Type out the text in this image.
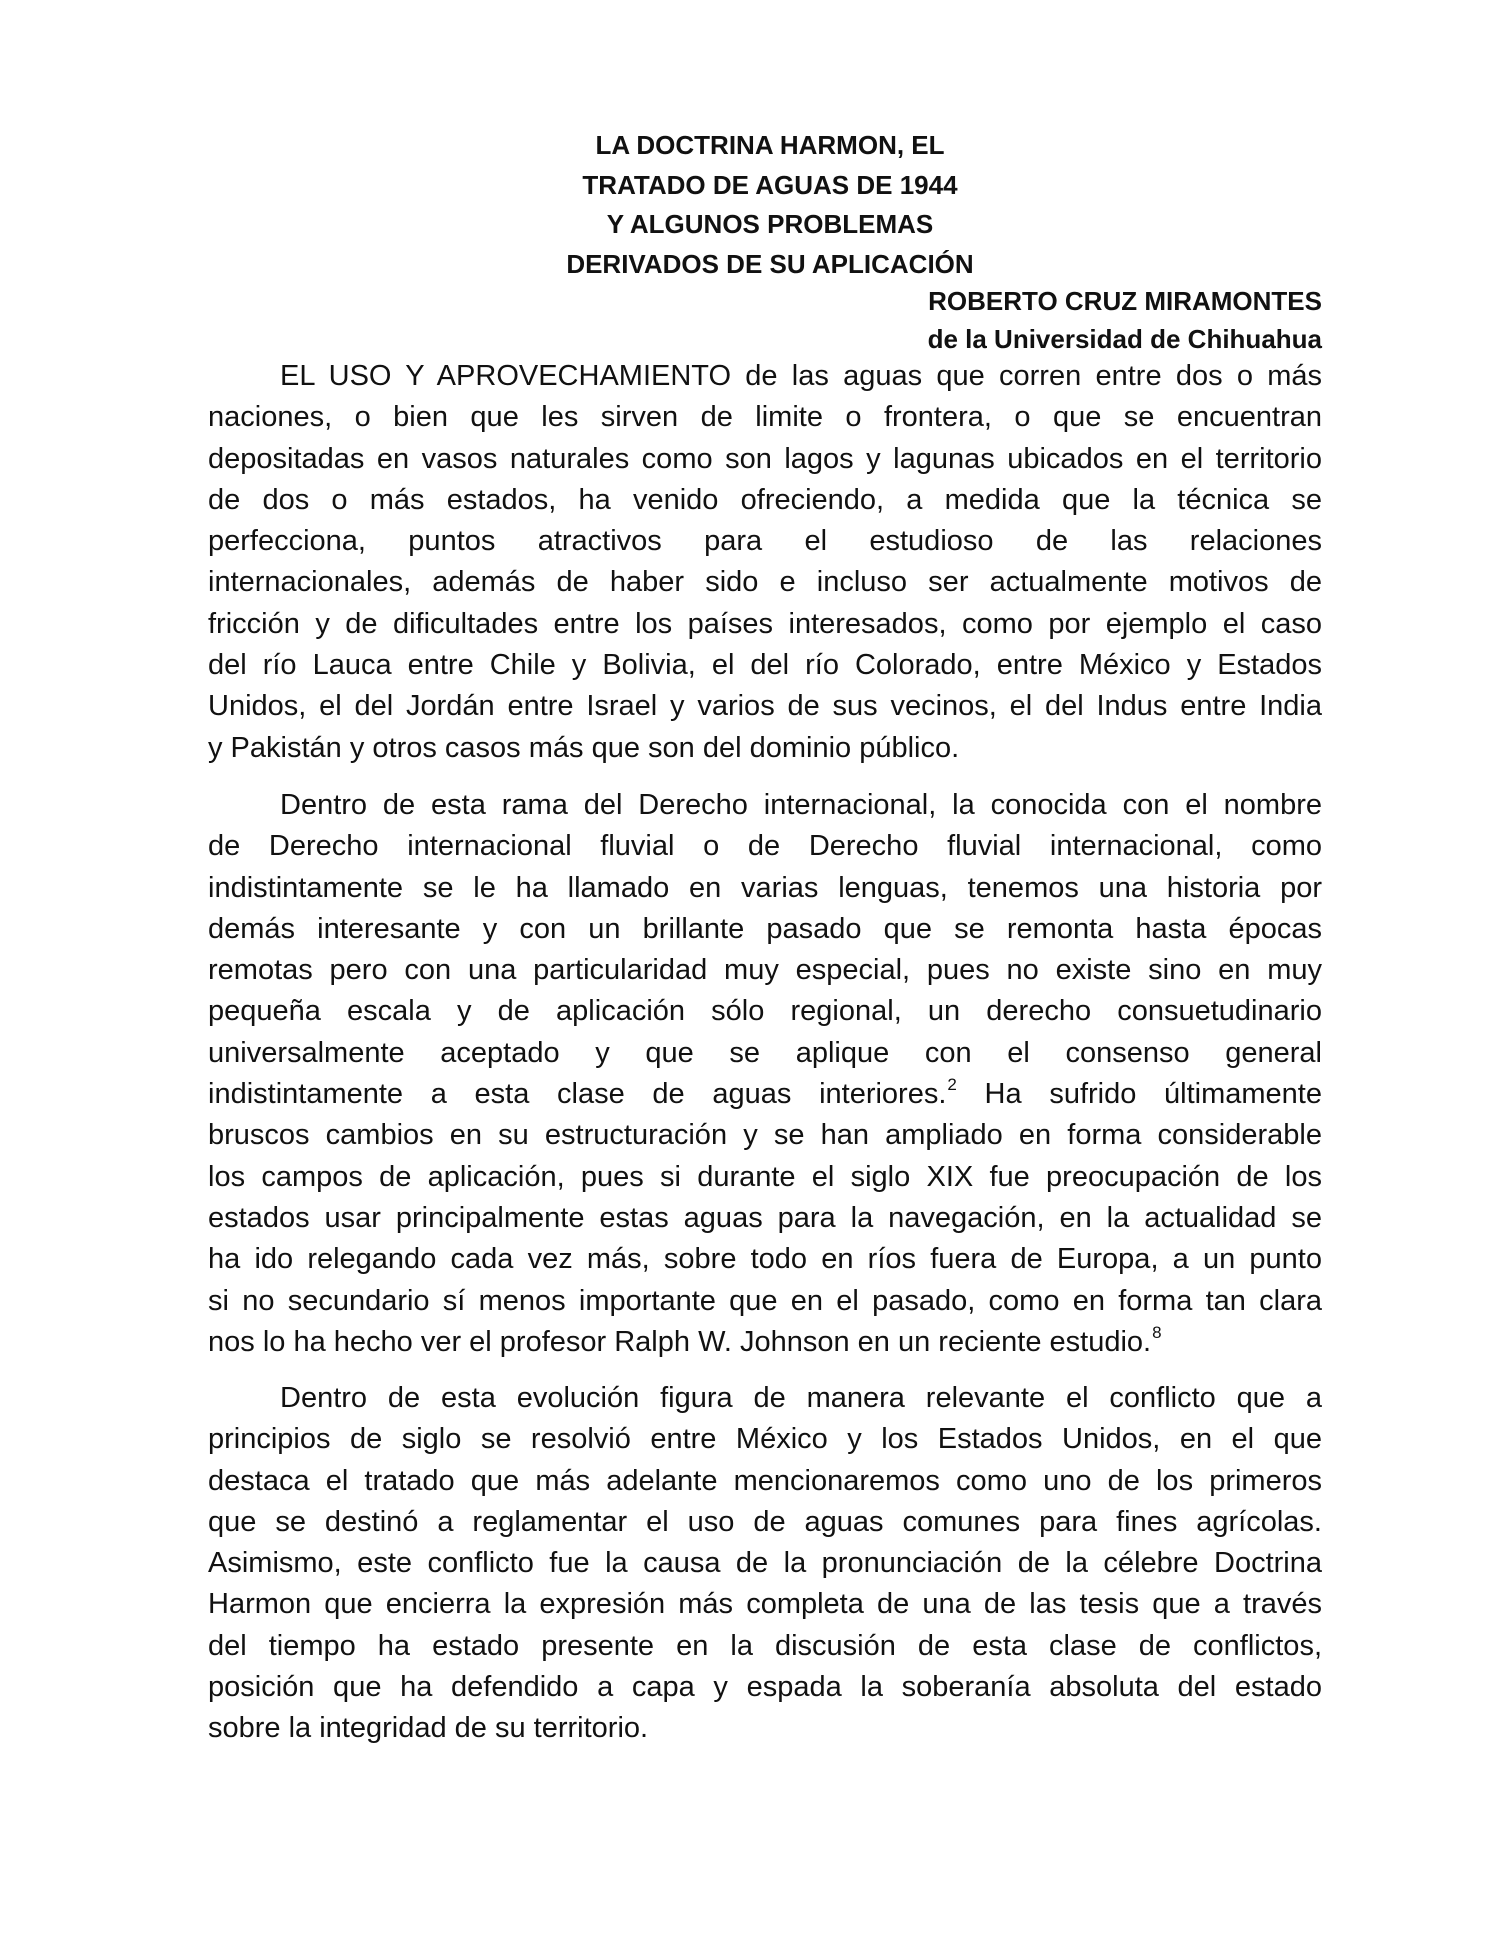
LA DOCTRINA HARMON, EL
TRATADO DE AGUAS DE 1944
Y ALGUNOS PROBLEMAS
DERIVADOS DE SU APLICACIÓN
ROBERTO CRUZ MIRAMONTES
de la Universidad de Chihuahua
EL USO Y APROVECHAMIENTO de las aguas que corren entre dos o más
naciones, o bien que les sirven de limite o frontera, o que se encuentran
depositadas en vasos naturales como son lagos y lagunas ubicados en el territorio
de dos o más estados, ha venido ofreciendo, a medida que la técnica se
perfecciona, puntos atractivos para el estudioso de las relaciones
internacionales, además de haber sido e incluso ser actualmente motivos de
fricción y de dificultades entre los países interesados, como por ejemplo el caso
del río Lauca entre Chile y Bolivia, el del río Colorado, entre México y Estados
Unidos, el del Jordán entre Israel y varios de sus vecinos, el del Indus entre India
y Pakistán y otros casos más que son del dominio público.
Dentro de esta rama del Derecho internacional, la conocida con el nombre
de Derecho internacional fluvial o de Derecho fluvial internacional, como
indistintamente se le ha llamado en varias lenguas, tenemos una historia por
demás interesante y con un brillante pasado que se remonta hasta épocas
remotas pero con una particularidad muy especial, pues no existe sino en muy
pequeña escala y de aplicación sólo regional, un derecho consuetudinario
universalmente aceptado y que se aplique con el consenso general
indistintamente a esta clase de aguas interiores.$^2$ Ha sufrido últimamente
bruscos cambios en su estructuración y se han ampliado en forma considerable
los campos de aplicación, pues si durante el siglo XIX fue preocupación de los
estados usar principalmente estas aguas para la navegación, en la actualidad se
ha ido relegando cada vez más, sobre todo en ríos fuera de Europa, a un punto
si no secundario sí menos importante que en el pasado, como en forma tan clara
nos lo ha hecho ver el profesor Ralph W. Johnson en un reciente estudio.$^8$
Dentro de esta evolución figura de manera relevante el conflicto que a
principios de siglo se resolvió entre México y los Estados Unidos, en el que
destaca el tratado que más adelante mencionaremos como uno de los primeros
que se destinó a reglamentar el uso de aguas comunes para fines agrícolas.
Asimismo, este conflicto fue la causa de la pronunciación de la célebre Doctrina
Harmon que encierra la expresión más completa de una de las tesis que a través
del tiempo ha estado presente en la discusión de esta clase de conflictos,
posición que ha defendido a capa y espada la soberanía absoluta del estado
sobre la integridad de su territorio.
